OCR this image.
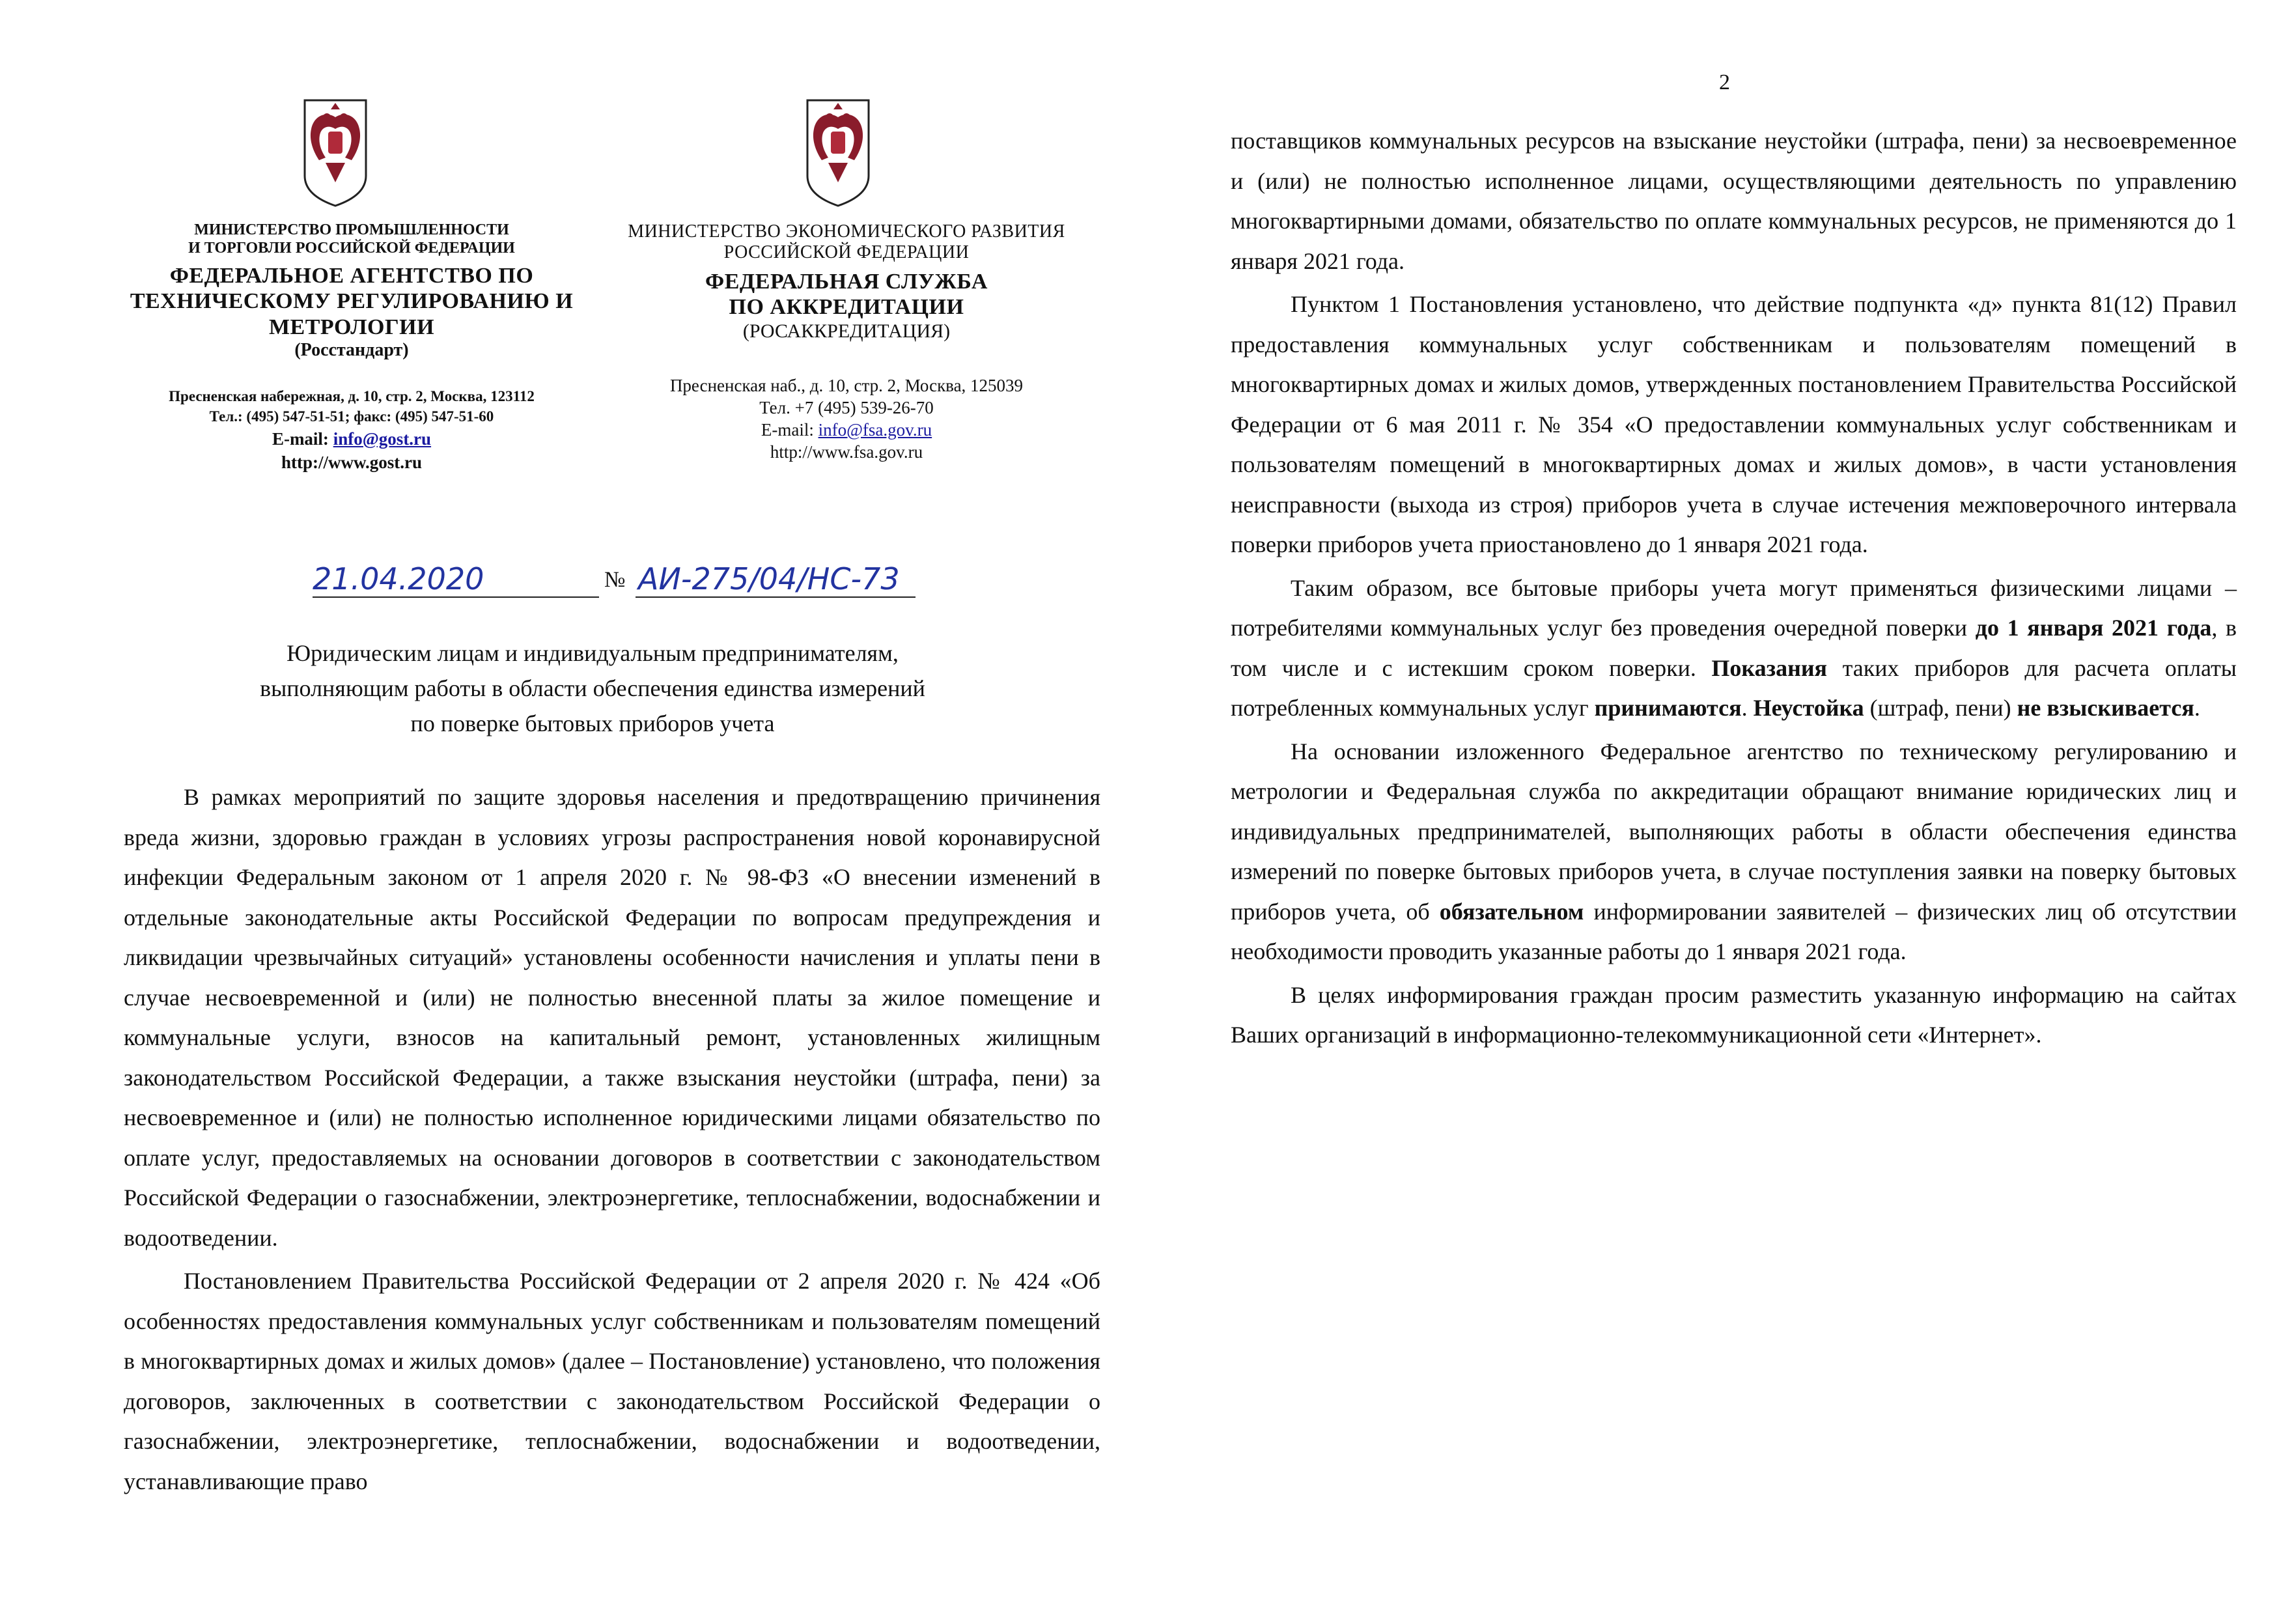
МИНИСТЕРСТВО ПРОМЫШЛЕННОСТИ

И ТОРГОВЛИ РОССИЙСКОЙ ФЕДЕРАЦИИ

ФЕДЕРАЛЬНОЕ АГЕНТСТВО ПО

ТЕХНИЧЕСКОМУ РЕГУЛИРОВАНИЮ И

МЕТРОЛОГИИ

(Росстандарт)

Пресненская набережная, д. 10, стр. 2, Москва, 123112
Тел.: (495) 547-51-51; факс: (495) 547-51-60
E-mail: info@gost.ru
http://www.gost.ru

МИНИСТЕРСТВО ЭКОНОМИЧЕСКОГО РАЗВИТИЯ

РОССИЙСКОЙ ФЕДЕРАЦИИ

ФЕДЕРАЛЬНАЯ СЛУЖБА

ПО АККРЕДИТАЦИИ

(РОСАККРЕДИТАЦИЯ)

Пресненская наб., д. 10, стр. 2, Москва, 125039
Тел. +7 (495) 539-26-70
E-mail: info@fsa.gov.ru
http://www.fsa.gov.ru
21.04.2020	№ АИ-275/04/НС-73
Юридическим лицам и индивидуальным предпринимателям,
выполняющим работы в области обеспечения единства измерений
по поверке бытовых приборов учета

В рамках мероприятий по защите здоровья населения и предотвращению причинения вреда жизни, здоровью граждан в условиях угрозы распространения новой коронавирусной инфекции Федеральным законом от 1 апреля 2020 г. № 98-ФЗ «О внесении изменений в отдельные законодательные акты Российской Федерации по вопросам предупреждения и ликвидации чрезвычайных ситуаций» установлены особенности начисления и уплаты пени в случае несвоевременной и (или) не полностью внесенной платы за жилое помещение и коммунальные услуги, взносов на капитальный ремонт, установленных жилищным законодательством Российской Федерации, а также взыскания неустойки (штрафа, пени) за несвоевременное и (или) не полностью исполненное юридическими лицами обязательство по оплате услуг, предоставляемых на основании договоров в соответствии с законодательством Российской Федерации о газоснабжении, электроэнергетике, теплоснабжении, водоснабжении и водоотведении.

Постановлением Правительства Российской Федерации от 2 апреля 2020 г. № 424 «Об особенностях предоставления коммунальных услуг собственникам и пользователям помещений в многоквартирных домах и жилых домов» (далее – Постановление) установлено, что положения договоров, заключенных в соответствии с законодательством Российской Федерации о газоснабжении, электроэнергетике, теплоснабжении, водоснабжении и водоотведении, устанавливающие право

2

поставщиков коммунальных ресурсов на взыскание неустойки (штрафа, пени) за несвоевременное и (или) не полностью исполненное лицами, осуществляющими деятельность по управлению многоквартирными домами, обязательство по оплате коммунальных ресурсов, не применяются до 1 января 2021 года.

Пунктом 1 Постановления установлено, что действие подпункта «д» пункта 81(12) Правил предоставления коммунальных услуг собственникам и пользователям помещений в многоквартирных домах и жилых домов, утвержденных постановлением Правительства Российской Федерации от 6 мая 2011 г. № 354 «О предоставлении коммунальных услуг собственникам и пользователям помещений в многоквартирных домах и жилых домов», в части установления неисправности (выхода из строя) приборов учета в случае истечения межповерочного интервала поверки приборов учета приостановлено до 1 января 2021 года.

Таким образом, все бытовые приборы учета могут применяться физическими лицами – потребителями коммунальных услуг без проведения очередной поверки до 1 января 2021 года, в том числе и с истекшим сроком поверки. Показания таких приборов для расчета оплаты потребленных коммунальных услуг принимаются. Неустойка (штраф, пени) не взыскивается.

На основании изложенного Федеральное агентство по техническому регулированию и метрологии и Федеральная служба по аккредитации обращают внимание юридических лиц и индивидуальных предпринимателей, выполняющих работы в области обеспечения единства измерений по поверке бытовых приборов учета, в случае поступления заявки на поверку бытовых приборов учета, об обязательном информировании заявителей – физических лиц об отсутствии необходимости проводить указанные работы до 1 января 2021 года.

В целях информирования граждан просим разместить указанную информацию на сайтах Ваших организаций в информационно-телекоммуникационной сети «Интернет».
